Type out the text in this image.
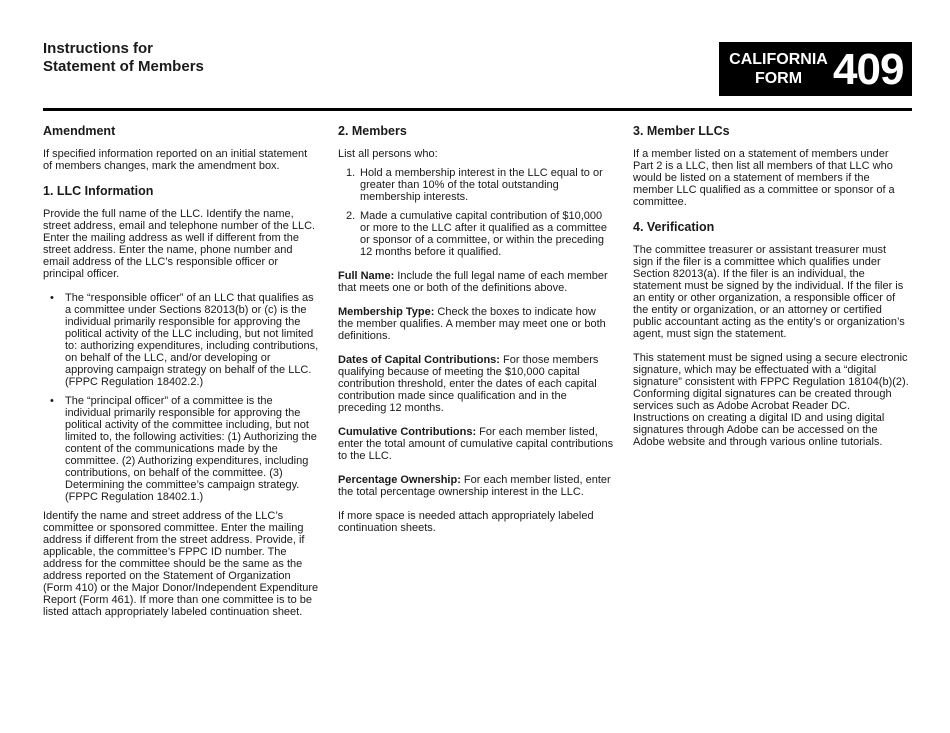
Instructions for
Statement of Members	CALIFORNIA
FORM 409
Amendment

If specified information reported on an initial statement of members changes, mark the amendment box.

1. LLC Information

Provide the full name of the LLC. Identify the name, street address, email and telephone number of the LLC. Enter the mailing address as well if different from the street address. Enter the name, phone number and email address of the LLC’s responsible officer or principal officer.

• The “responsible officer” of an LLC that qualifies as a committee under Sections 82013(b) or (c) is the individual primarily responsible for approving the political activity of the LLC including, but not limited to: authorizing expenditures, including contributions, on behalf of the LLC, and/or developing or approving campaign strategy on behalf of the LLC. (FPPC Regulation 18402.2.)
• The “principal officer” of a committee is the individual primarily responsible for approving the political activity of the committee including, but not limited to, the following activities: (1) Authorizing the content of the communications made by the committee. (2) Authorizing expenditures, including contributions, on behalf of the committee. (3) Determining the committee’s campaign strategy. (FPPC Regulation 18402.1.)

Identify the name and street address of the LLC’s committee or sponsored committee. Enter the mailing address if different from the street address. Provide, if applicable, the committee’s FPPC ID number. The address for the committee should be the same as the address reported on the Statement of Organization (Form 410) or the Major Donor/Independent Expenditure Report (Form 461). If more than one committee is to be listed attach appropriately labeled continuation sheet.

2. Members

List all persons who:

1. Hold a membership interest in the LLC equal to or greater than 10% of the total outstanding membership interests.
2. Made a cumulative capital contribution of $10,000 or more to the LLC after it qualified as a committee or sponsor of a committee, or within the preceding 12 months before it qualified.

Full Name: Include the full legal name of each member that meets one or both of the definitions above.

Membership Type: Check the boxes to indicate how the member qualifies. A member may meet one or both definitions.

Dates of Capital Contributions: For those members qualifying because of meeting the $10,000 capital contribution threshold, enter the dates of each capital contribution made since qualification and in the preceding 12 months.

Cumulative Contributions: For each member listed, enter the total amount of cumulative capital contributions to the LLC.

Percentage Ownership: For each member listed, enter the total percentage ownership interest in the LLC.

If more space is needed attach appropriately labeled continuation sheets.

3. Member LLCs

If a member listed on a statement of members under Part 2 is a LLC, then list all members of that LLC who would be listed on a statement of members if the member LLC qualified as a committee or sponsor of a committee.

4. Verification

The committee treasurer or assistant treasurer must sign if the filer is a committee which qualifies under Section 82013(a). If the filer is an individual, the statement must be signed by the individual. If the filer is an entity or other organization, a responsible officer of the entity or organization, or an attorney or certified public accountant acting as the entity’s or organization’s agent, must sign the statement.

This statement must be signed using a secure electronic signature, which may be effectuated with a “digital signature” consistent with FPPC Regulation 18104(b)(2). Conforming digital signatures can be created through services such as Adobe Acrobat Reader DC. Instructions on creating a digital ID and using digital signatures through Adobe can be accessed on the Adobe website and through various online tutorials.
